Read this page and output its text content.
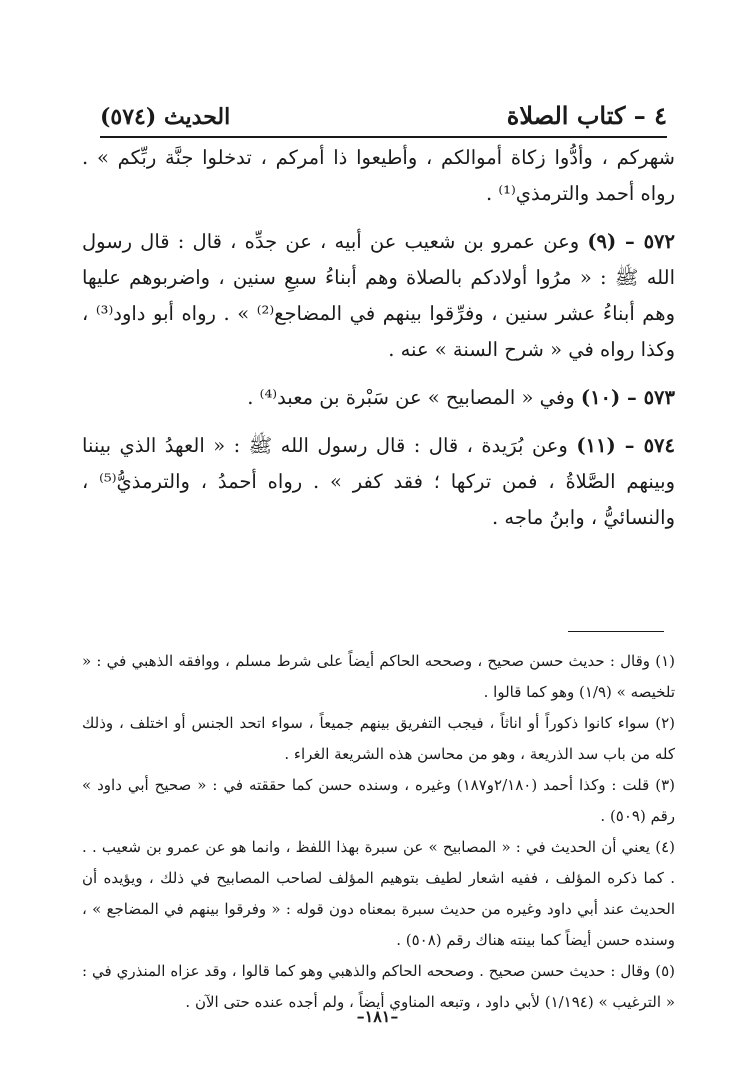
الحديث (٥٧٤)	٤ – كتاب الصلاة

شهركم ، وأدُّوا زكاة أموالكم ، وأطيعوا ذا أمركم ، تدخلوا جنَّة ربِّكم » . رواه أحمد والترمذي⁽¹⁾ .

٥٧٢ – (٩) وعن عمرو بن شعيب عن أبيه ، عن جدِّه ، قال : قال رسول الله ﷺ : « مرُوا أولادكم بالصلاة وهم أبناءُ سبعِ سنين ، واضربوهم عليها وهم أبناءُ عشر سنين ، وفرِّقوا بينهم في المضاجع⁽²⁾ » . رواه أبو داود⁽³⁾ ، وكذا رواه في « شرح السنة » عنه .

٥٧٣ – (١٠) وفي « المصابيح » عن سَبْرة بن معبد⁽⁴⁾ .

٥٧٤ – (١١) وعن بُرَيدة ، قال : قال رسول الله ﷺ : « العهدُ الذي بيننا وبينهم الصَّلاةُ ، فمن تركها ؛ فقد كفر » . رواه أحمدُ ، والترمذيُّ⁽⁵⁾ ، والنسائيُّ ، وابنُ ماجه .

(١) وقال : حديث حسن صحيح ، وصححه الحاكم أيضاً على شرط مسلم ، ووافقه الذهبي في : « تلخيصه » (١/٩) وهو كما قالوا .

(٢) سواء كانوا ذكوراً أو اناثاً ، فيجب التفريق بينهم جميعاً ، سواء اتحد الجنس أو اختلف ، وذلك كله من باب سد الذريعة ، وهو من محاسن هذه الشريعة الغراء .

(٣) قلت : وكذا أحمد (٢/١٨٠و١٨٧) وغيره ، وسنده حسن كما حققته في : « صحيح أبي داود » رقم (٥٠٩) .

(٤) يعني أن الحديث في : « المصابيح » عن سبرة بهذا اللفظ ، وانما هو عن عمرو بن شعيب . . . كما ذكره المؤلف ، ففيه اشعار لطيف بتوهيم المؤلف لصاحب المصابيح في ذلك ، ويؤيده أن الحديث عند أبي داود وغيره من حديث سبرة بمعناه دون قوله : « وفرقوا بينهم في المضاجع » ، وسنده حسن أيضاً كما بينته هناك رقم (٥٠٨) .

(٥) وقال : حديث حسن صحيح . وصححه الحاكم والذهبي وهو كما قالوا ، وقد عزاه المنذري في : « الترغيب » (١/١٩٤) لأبي داود ، وتبعه المناوي أيضاً ، ولم أجده عنده حتى الآن .

–١٨١–
